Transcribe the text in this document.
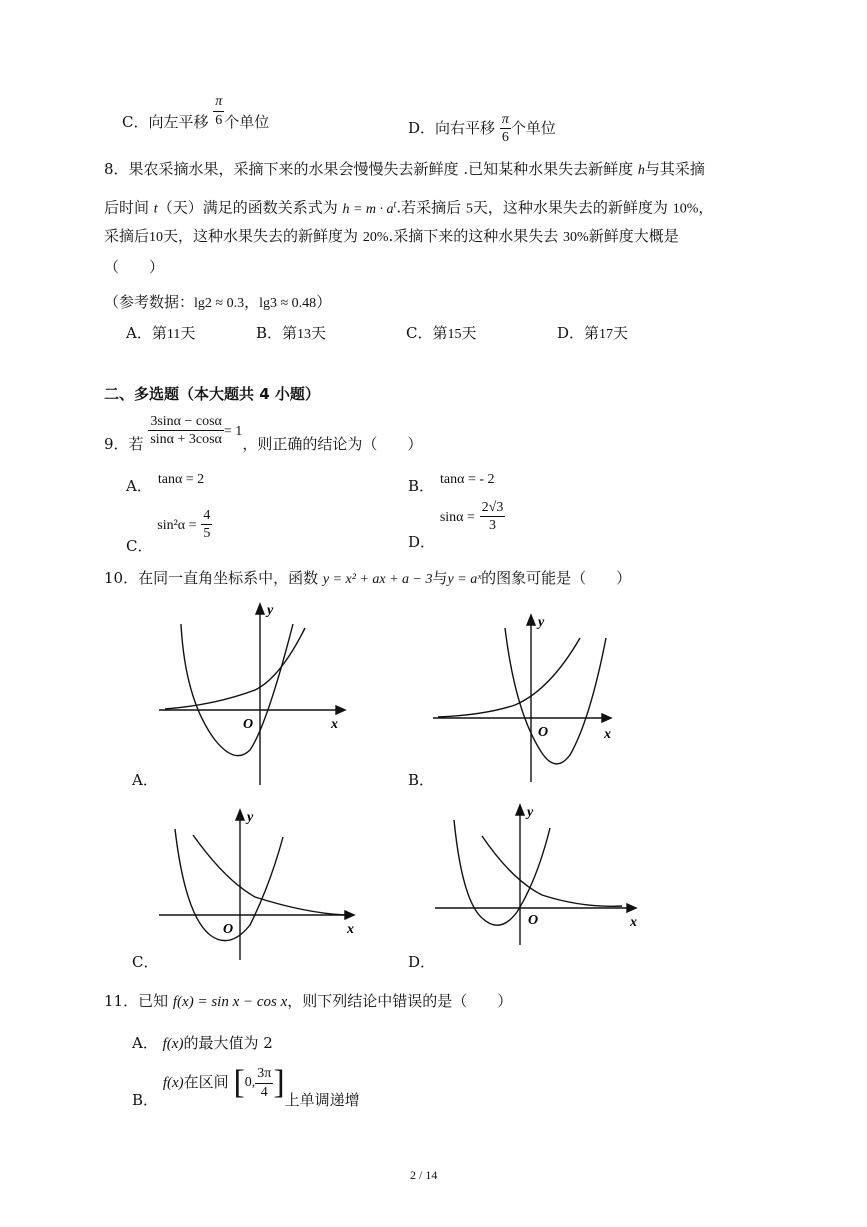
C．向左平移 $\frac{\pi}{6}$ 个单位	D．向右平移 $\frac{\pi}{6}$ 个单位
8．果农采摘水果，采摘下来的水果会慢慢失去新鲜度 .已知某种水果失去新鲜度 h与其采摘
后时间 t（天）满足的函数关系式为 $h = m \cdot a^t$.若采摘后 5天，这种水果失去的新鲜度为 10%，
采摘后10天，这种水果失去的新鲜度为 20%.采摘下来的这种水果失去 30%新鲜度大概是
（　　）
（参考数据：lg2 ≈ 0.3，lg3 ≈ 0.48）
A．第11天	B．第13天	C．第15天	D．第17天
二、多选题（本大题共 4 小题）
9．若 $\frac{3\sin\alpha - \cos\alpha}{\sin\alpha + 3\cos\alpha} = 1$，则正确的结论为（　　）
A． tanα = 2	B． tanα = - 2
C． $\sin^2\alpha = \frac{4}{5}$
D． $\sin\alpha = \frac{2√3}{3}$
10．在同一直角坐标系中，函数 y = x² + ax + a − 3与y = aˣ的图象可能是（　　）
y
x
O
A．
y
x
O
B．
y
x
O
C．
y
x
O
D．
11．已知 f(x) = sin x − cos x，则下列结论中错误的是（　　）
A． f(x)的最大值为 2
B． f(x)在区间 [0, $\frac{3\pi}{4}$ ]上单调递增
2 / 14
